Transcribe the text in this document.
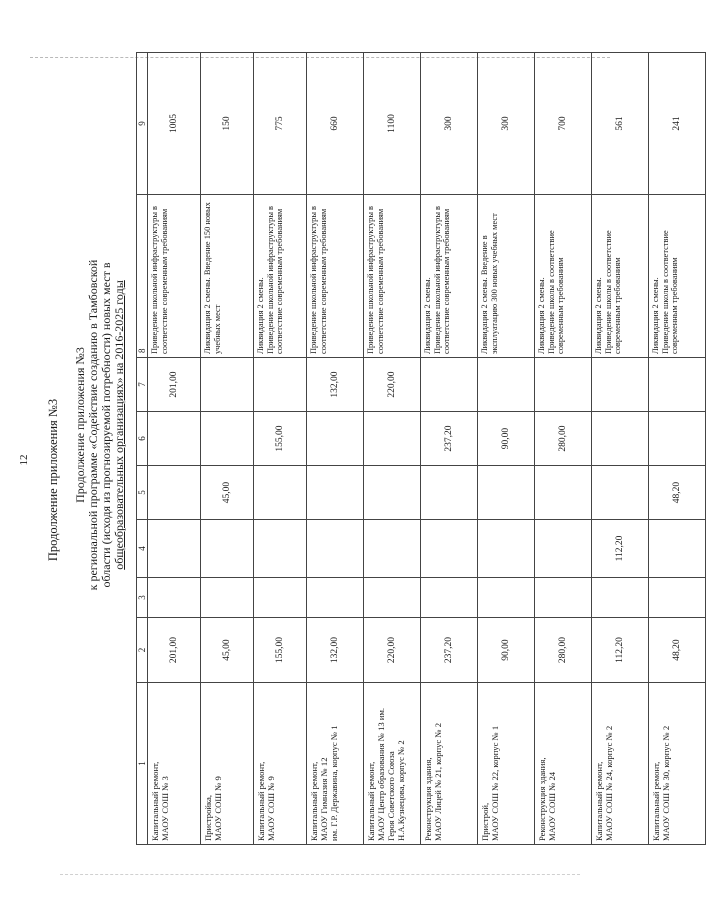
12 Продолжение приложения №3 Продолжение приложения №3 к региональной программе «Содействие созданию в Тамбовской области (исходя из прогнозируемой потребности) новых мест в общеобразовательных организациях» на 2016-2025 годы
1	2	3	4	5	6	7	8	9
Капитальный ремонт,
МАОУ СОШ № 3	201,00					201,00	Приведение школьной инфраструктуры в соответствие современным требованиям	1005
Пристройка,
МАОУ СОШ № 9	45,00			45,00			Ликвидация 2 смены. Введение 150 новых учебных мест	150
Капитальный ремонт,
МАОУ СОШ № 9	155,00				155,00		Ликвидация 2 смены.
Приведение школьной инфраструктуры в соответствие современным требованиям	775
Капитальный ремонт,
МАОУ Гимназия № 12
им. Г.Р. Державина, корпус № 1	132,00					132,00	Приведение школьной инфраструктуры в соответствие современным требованиям	660
Капитальный ремонт,
МАОУ Центр образования № 13 им. Героя Советского Союза
Н.А.Кузнецова, корпус № 2	220,00					220,00	Приведение школьной инфраструктуры в соответствие современным требованиям	1100
Реконструкция здания,
МАОУ Лицей № 21, корпус № 2	237,20				237,20		Ликвидация 2 смены.
Приведение школьной инфраструктуры в соответствие современным требованиям	300
Пристрой,
МАОУ СОШ № 22, корпус № 1	90,00				90,00		Ликвидация 2 смены. Введение в эксплуатацию 300 новых учебных мест	300
Реконструкция здания,
МАОУ СОШ № 24	280,00				280,00		Ликвидация 2 смены.
Приведение школы в соответствие современным требованиям	700
Капитальный ремонт,
МАОУ СОШ № 24, корпус № 2	112,20		112,20				Ликвидация 2 смены.
Приведение школы в соответствие современным требованиям	561
Капитальный ремонт,
МАОУ СОШ № 30, корпус № 2	48,20			48,20			Ликвидация 2 смены.
Приведение школы в соответствие современным требованиям	241
